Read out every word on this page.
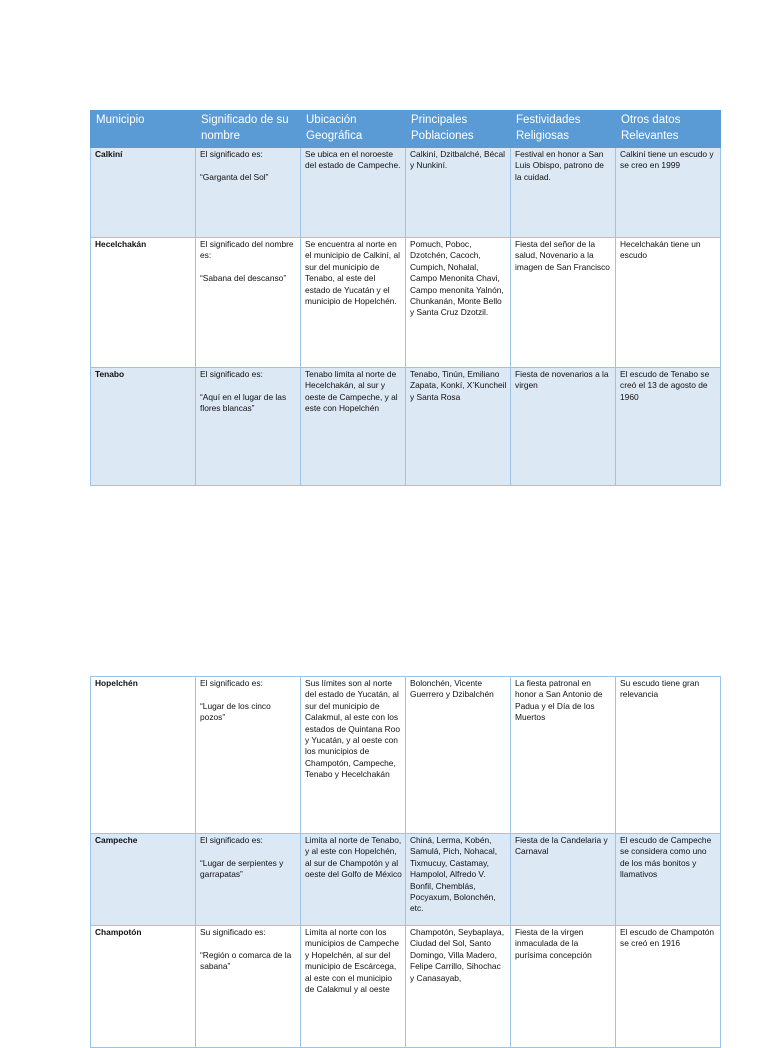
Municipio	Significado de su nombre	Ubicación Geográfica	Principales Poblaciones	Festividades Religiosas	Otros datos Relevantes
Calkiní	El significado es:

“Garganta del Sol”	Se ubica en el noroeste del estado de Campeche.	Calkiní, Dzitbalché, Bécal y Nunkiní.	Festival en honor a San Luis Obispo, patrono de la cuidad.	Calkiní tiene un escudo y se creo en 1999

Hecelchakán	El significado del nombre es:

“Sabana del descanso”	Se encuentra al norte en el municipio de Calkiní, al sur del municipio de Tenabo, al este del estado de Yucatán y el municipio de Hopelchén.	Pomuch, Poboc, Dzotchén, Cacoch, Cumpich, Nohalal, Campo Menonita Chavi, Campo menonita Yalnón, Chunkanán, Monte Bello y Santa Cruz Dzotzil.	Fiesta del señor de la salud, Novenario a la imagen de San Francisco	Hecelchakán tiene un escudo

Tenabo	El significado es:

“Aquí en el lugar de las flores blancas”	Tenabo limita al norte de Hecelchakán, al sur y oeste de Campeche, y al este con Hopelchén	Tenabo, Tinún, Emiliano Zapata, Konkí, X’Kuncheil y Santa Rosa	Fiesta de novenarios a la virgen	El escudo de Tenabo se creó el 13 de agosto de 1960
Hopelchén	El significado es:

“Lugar de los cinco pozos”	Sus límites son al norte del estado de Yucatán, al sur del municipio de Calakmul, al este con los estados de Quintana Roo y Yucatán, y al oeste con los municipios de Champotón, Campeche, Tenabo y Hecelchakán	Bolonchén, Vicente Guerrero y Dzibalchén	La fiesta patronal en honor a San Antonio de Padua y el Día de los Muertos	Su escudo tiene gran relevancia

Campeche	El significado es:

“Lugar de serpientes y garrapatas”	Limita al norte de Tenabo, y al este con Hopelchén, al sur de Champotón y al oeste del Golfo de México	Chiná, Lerma, Kobén, Samulá, Pich, Nohacal, Tixmucuy, Castamay, Hampolol, Alfredo V. Bonfil, Chemblás, Pocyaxum, Bolonchén, etc.	Fiesta de la Candelaria y Carnaval	El escudo de Campeche se considera como uno de los más bonitos y llamativos

Champotón	Su significado es:

“Región o comarca de la sabana”	Limita al norte con los municipios de Campeche y Hopelchén, al sur del municipio de Escárcega, al este con el municipio de Calakmul y al oeste	Champotón, Seybaplaya, Ciudad del Sol, Santo Domingo, Villa Madero, Felipe Carrillo, Sihochac y Canasayab,	Fiesta de la virgen inmaculada de la purísima concepción	El escudo de Champotón se creó en 1916
